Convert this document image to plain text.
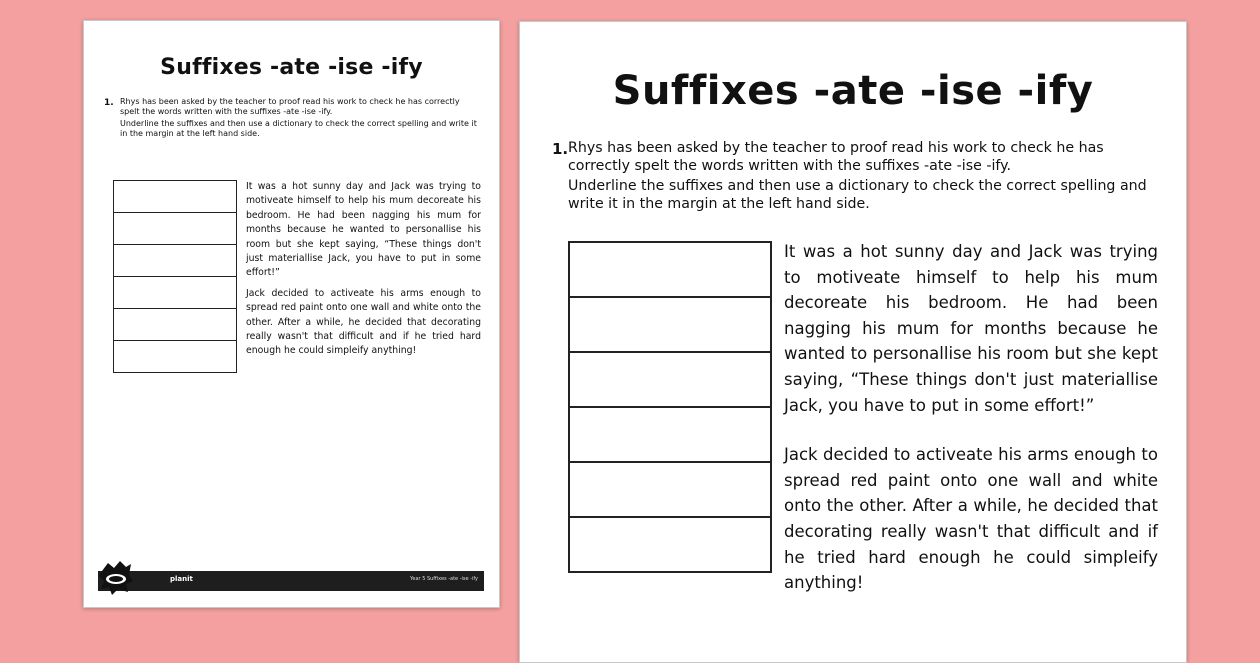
Suffixes -ate -ise -ify
1. Rhys has been asked by the teacher to proof read his work to check he has correctly spelt the words written with the suffixes -ate -ise -ify.

Underline the suffixes and then use a dictionary to check the correct spelling and write it in the margin at the left hand side.

It was a hot sunny day and Jack was trying to motiveate himself to help his mum decoreate his bedroom. He had been nagging his mum for months because he wanted to personallise his room but she kept saying, “These things don't just materiallise Jack, you have to put in some effort!”

Jack decided to activeate his arms enough to spread red paint onto one wall and white onto the other. After a while, he decided that decorating really wasn't that difficult and if he tried hard enough he could simpleify anything!

planit	Year 5 Suffixes -ate -ise -ify
Suffixes -ate -ise -ify
1. Rhys has been asked by the teacher to proof read his work to check he has correctly spelt the words written with the suffixes -ate -ise -ify.

Underline the suffixes and then use a dictionary to check the correct spelling and write it in the margin at the left hand side.

It was a hot sunny day and Jack was trying to motiveate himself to help his mum decoreate his bedroom. He had been nagging his mum for months because he wanted to personallise his room but she kept saying, “These things don't just materiallise Jack, you have to put in some effort!”

Jack decided to activeate his arms enough to spread red paint onto one wall and white onto the other. After a while, he decided that decorating really wasn't that difficult and if he tried hard enough he could simpleify anything!
